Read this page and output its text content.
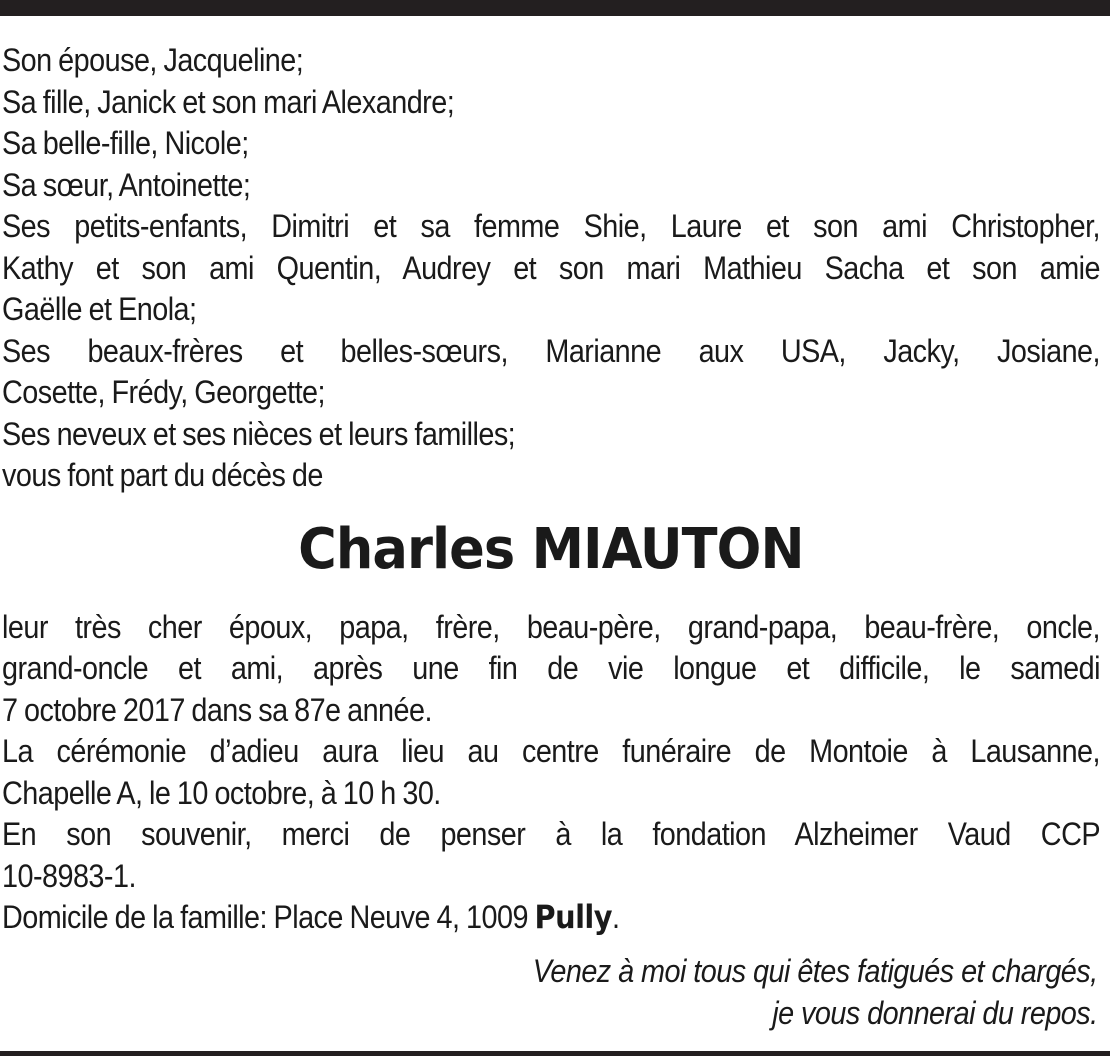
Son épouse, Jacqueline;

Sa fille, Janick et son mari Alexandre;

Sa belle-fille, Nicole;

Sa sœur, Antoinette;

Ses petits-enfants, Dimitri et sa femme Shie, Laure et son ami Christopher,

Kathy et son ami Quentin, Audrey et son mari Mathieu Sacha et son amie

Gaëlle et Enola;

Ses beaux-frères et belles-sœurs, Marianne aux USA, Jacky, Josiane,

Cosette, Frédy, Georgette;

Ses neveux et ses nièces et leurs familles;

vous font part du décès de

Charles MIAUTON

leur très cher époux, papa, frère, beau-père, grand-papa, beau-frère, oncle,

grand-oncle et ami, après une fin de vie longue et difficile, le samedi

7 octobre 2017 dans sa 87e année.

La cérémonie d’adieu aura lieu au centre funéraire de Montoie à Lausanne,

Chapelle A, le 10 octobre, à 10 h 30.

En son souvenir, merci de penser à la fondation Alzheimer Vaud CCP

10-8983-1.

Domicile de la famille: Place Neuve 4, 1009 Pully.

Venez à moi tous qui êtes fatigués et chargés,

je vous donnerai du repos.
